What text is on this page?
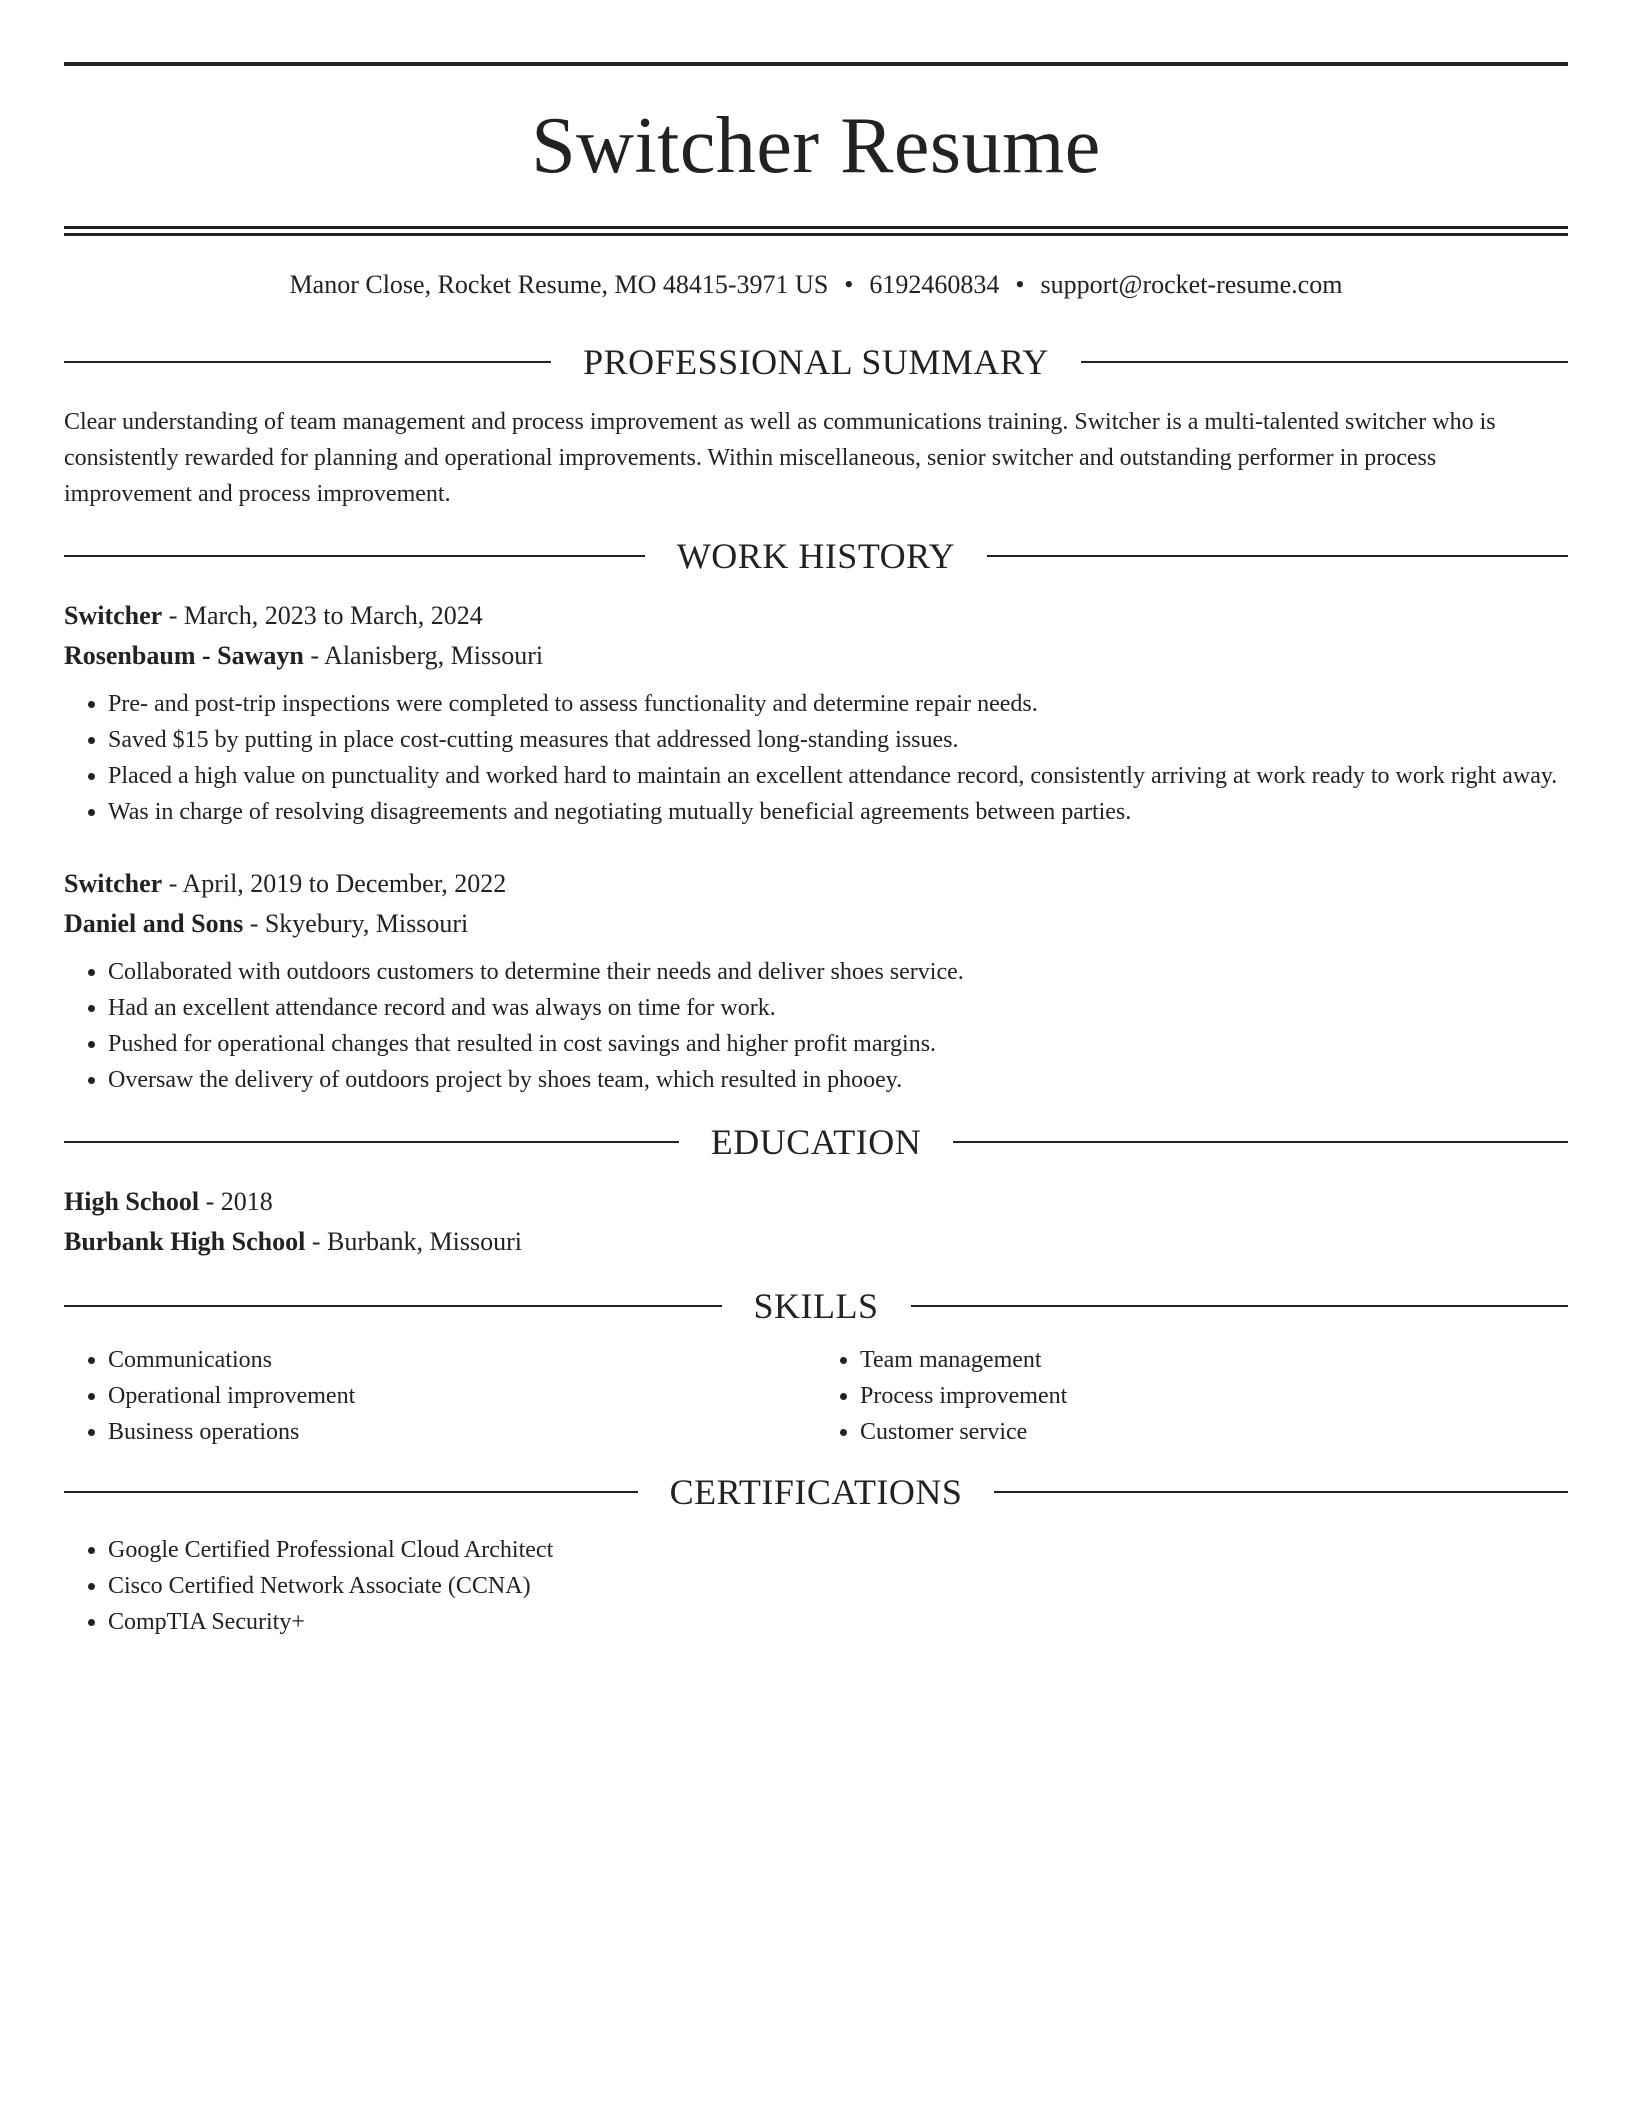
Switcher Resume
Manor Close, Rocket Resume, MO 48415-3971 US • 6192460834 • support@rocket-resume.com
PROFESSIONAL SUMMARY

Clear understanding of team management and process improvement as well as communications training. Switcher is a multi-talented switcher who is consistently rewarded for planning and operational improvements. Within miscellaneous, senior switcher and outstanding performer in process improvement and process improvement.

WORK HISTORY
Switcher - March, 2023 to March, 2024
Rosenbaum - Sawayn - Alanisberg, Missouri
• Pre- and post-trip inspections were completed to assess functionality and determine repair needs.
• Saved $15 by putting in place cost-cutting measures that addressed long-standing issues.
• Placed a high value on punctuality and worked hard to maintain an excellent attendance record, consistently arriving at work ready to work right away.
• Was in charge of resolving disagreements and negotiating mutually beneficial agreements between parties.
Switcher - April, 2019 to December, 2022
Daniel and Sons - Skyebury, Missouri
• Collaborated with outdoors customers to determine their needs and deliver shoes service.
• Had an excellent attendance record and was always on time for work.
• Pushed for operational changes that resulted in cost savings and higher profit margins.
• Oversaw the delivery of outdoors project by shoes team, which resulted in phooey.
EDUCATION
High School - 2018
Burbank High School - Burbank, Missouri
SKILLS
• Communications
• Operational improvement
• Business operations
• Team management
• Process improvement
• Customer service
CERTIFICATIONS
• Google Certified Professional Cloud Architect
• Cisco Certified Network Associate (CCNA)
• CompTIA Security+
